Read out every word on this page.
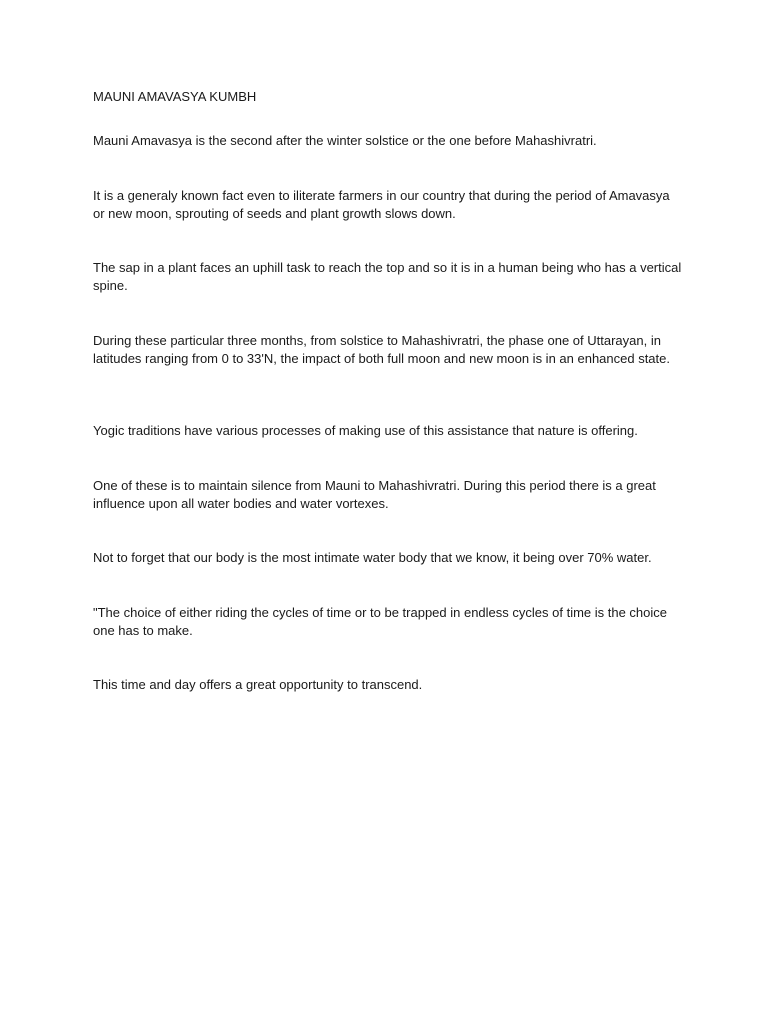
MAUNI AMAVASYA KUMBH

Mauni Amavasya is the second after the winter solstice or the one before Mahashivratri.

It is a generaly known fact even to iliterate farmers in our country that during the period of Amavasya or new moon, sprouting of seeds and plant growth slows down.

The sap in a plant faces an uphill task to reach the top and so it is in a human being who has a vertical spine.

During these particular three months, from solstice to Mahashivratri, the phase one of Uttarayan, in latitudes ranging from 0 to 33'N, the impact of both full moon and new moon is in an enhanced state.

Yogic traditions have various processes of making use of this assistance that nature is offering.

One of these is to maintain silence from Mauni to Mahashivratri. During this period there is a great influence upon all water bodies and water vortexes.

Not to forget that our body is the most intimate water body that we know, it being over 70% water.

"The choice of either riding the cycles of time or to be trapped in endless cycles of time is the choice one has to make.

This time and day offers a great opportunity to transcend.
